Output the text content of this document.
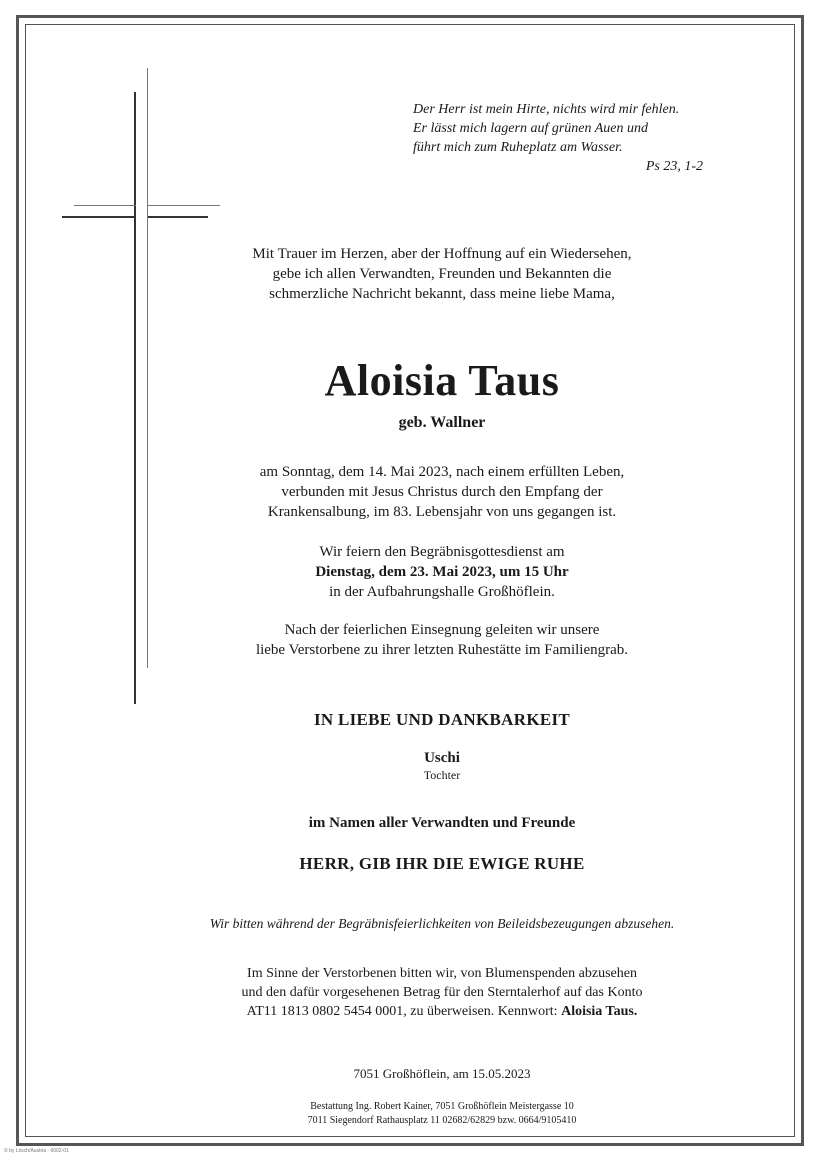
Der Herr ist mein Hirte, nichts wird mir fehlen.
Er lässt mich lagern auf grünen Auen und
führt mich zum Ruheplatz am Wasser.
Ps 23, 1-2
Mit Trauer im Herzen, aber der Hoffnung auf ein Wiedersehen,
gebe ich allen Verwandten, Freunden und Bekannten die
schmerzliche Nachricht bekannt, dass meine liebe Mama,
Aloisia Taus
geb. Wallner
am Sonntag, dem 14. Mai 2023, nach einem erfüllten Leben,
verbunden mit Jesus Christus durch den Empfang der
Krankensalbung, im 83. Lebensjahr von uns gegangen ist.
Wir feiern den Begräbnisgottesdienst am
Dienstag, dem 23. Mai 2023, um 15 Uhr
in der Aufbahrungshalle Großhöflein.
Nach der feierlichen Einsegnung geleiten wir unsere
liebe Verstorbene zu ihrer letzten Ruhestätte im Familiengrab.
IN LIEBE UND DANKBARKEIT
Uschi
Tochter
im Namen aller Verwandten und Freunde
HERR, GIB IHR DIE EWIGE RUHE
Wir bitten während der Begräbnisfeierlichkeiten von Beileidsbezeugungen abzusehen.
Im Sinne der Verstorbenen bitten wir, von Blumenspenden abzusehen
und den dafür vorgesehenen Betrag für den Sterntalerhof auf das Konto
AT11 1813 0802 5454 0001, zu überweisen. Kennwort: Aloisia Taus.
7051 Großhöflein, am 15.05.2023
Bestattung Ing. Robert Kainer, 7051 Großhöflein Meistergasse 10
7011 Siegendorf Rathausplatz 11 02682/62829 bzw. 0664/9105410
© by Lösch/Austria - 6002-01
